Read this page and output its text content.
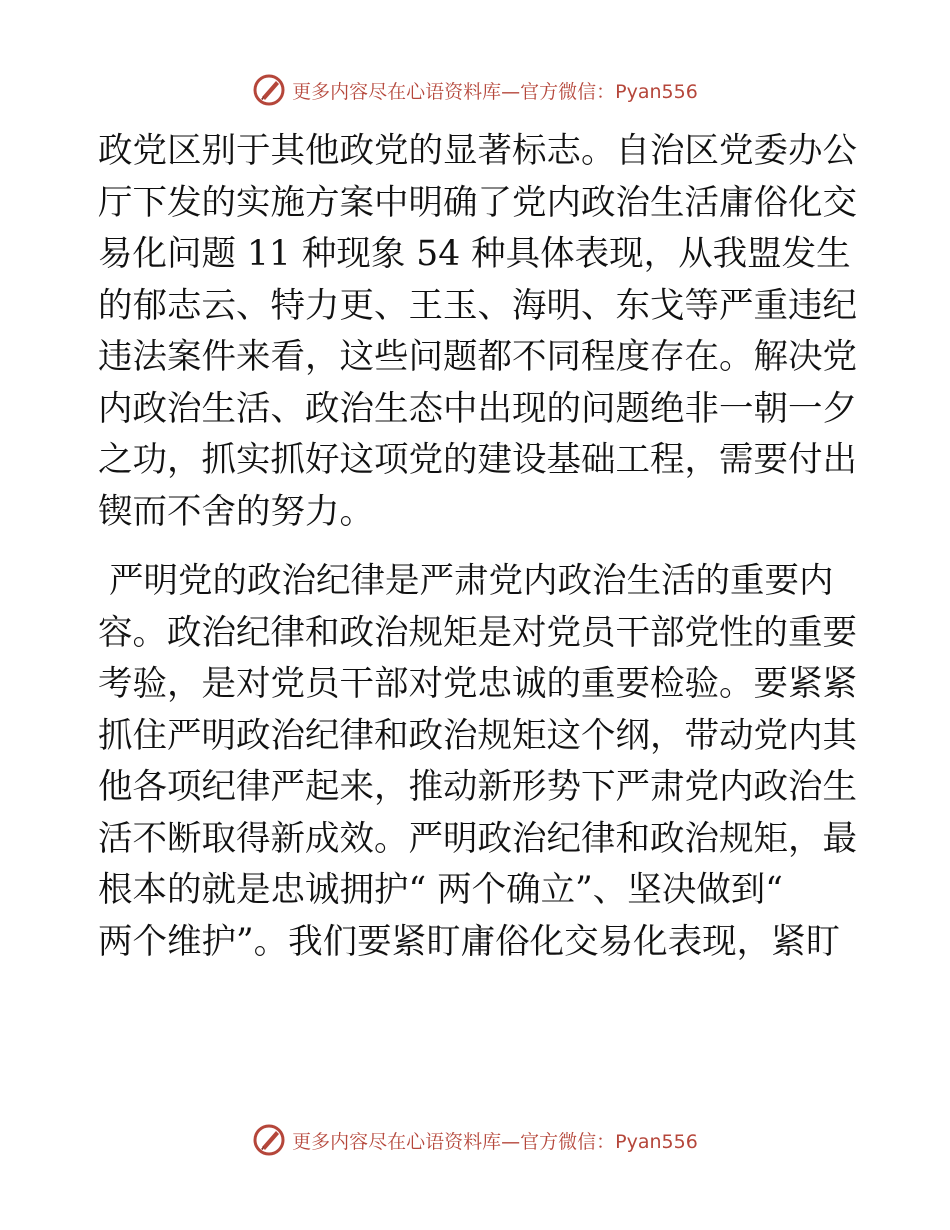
更多内容尽在心语资料库—官方微信：Pyan556

政党区别于其他政党的显著标志。自治区党委办公

厅下发的实施方案中明确了党内政治生活庸俗化交

易化问题 11 种现象 54 种具体表现，从我盟发生

的郁志云、特力更、王玉、海明、东戈等严重违纪

违法案件来看，这些问题都不同程度存在。解决党

内政治生活、政治生态中出现的问题绝非一朝一夕

之功，抓实抓好这项党的建设基础工程，需要付出

锲而不舍的努力。

严明党的政治纪律是严肃党内政治生活的重要内

容。政治纪律和政治规矩是对党员干部党性的重要

考验，是对党员干部对党忠诚的重要检验。要紧紧

抓住严明政治纪律和政治规矩这个纲，带动党内其

他各项纪律严起来，推动新形势下严肃党内政治生

活不断取得新成效。严明政治纪律和政治规矩，最

根本的就是忠诚拥护“ 两个确立”、坚决做到“

两个维护”。我们要紧盯庸俗化交易化表现，紧盯

更多内容尽在心语资料库—官方微信：Pyan556
